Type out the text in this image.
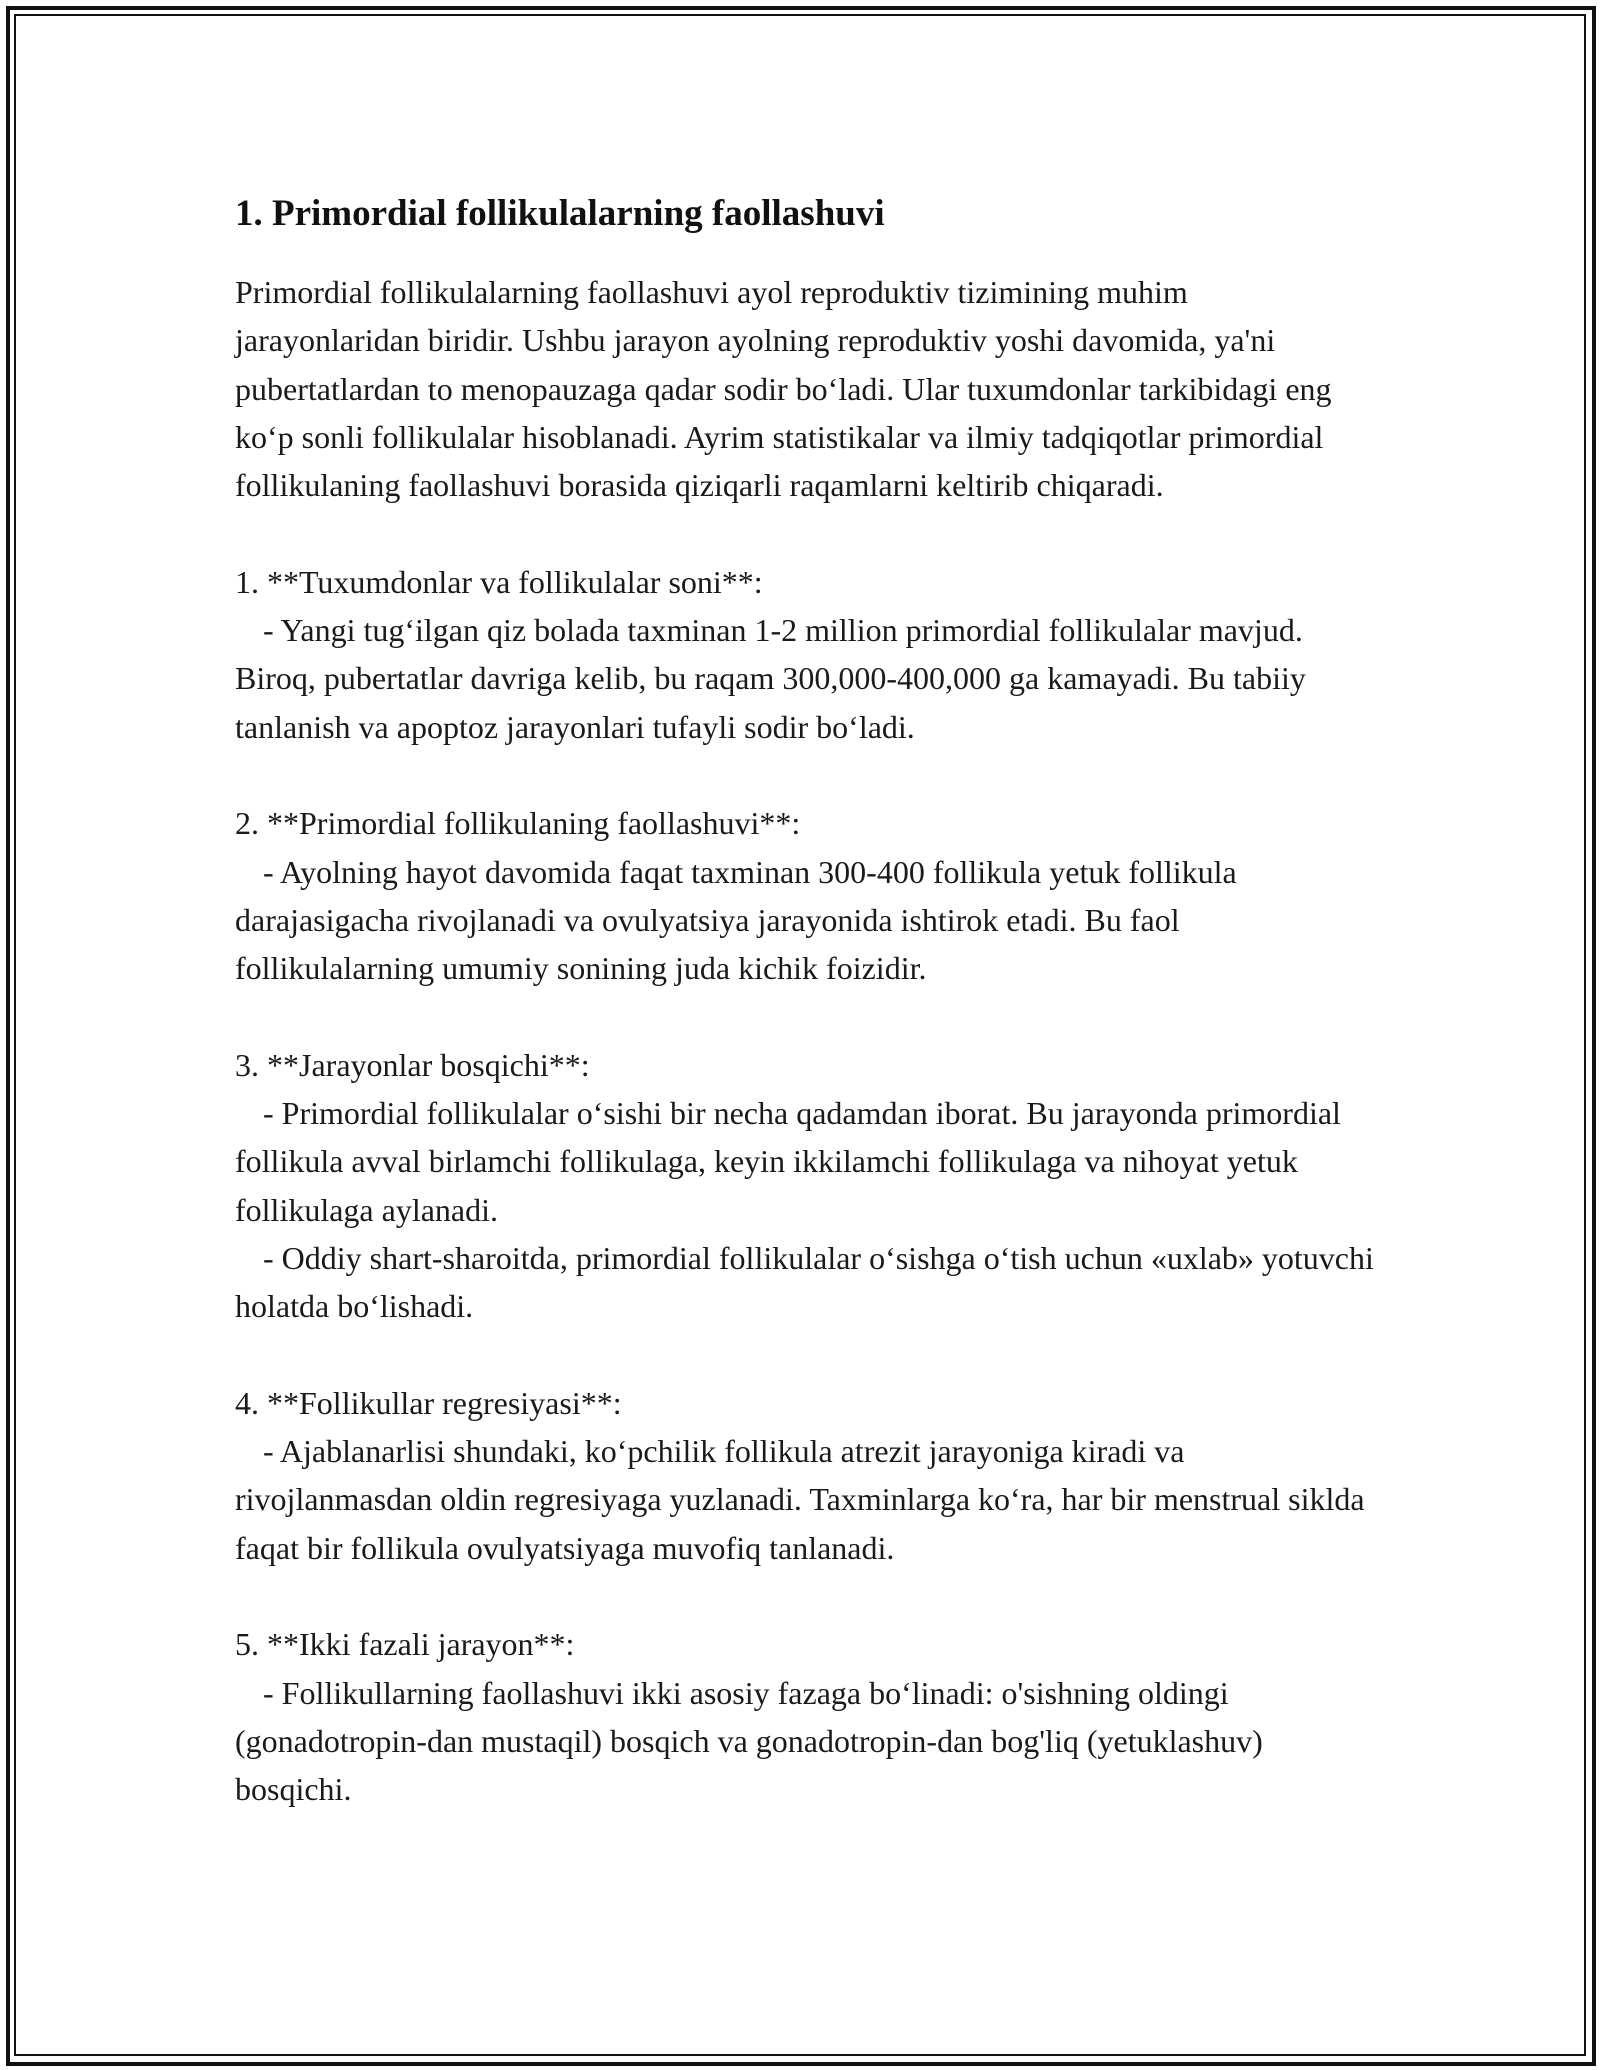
1. Primordial follikulalarning faollashuvi

Primordial follikulalarning faollashuvi ayol reproduktiv tizimining muhim jarayonlaridan biridir. Ushbu jarayon ayolning reproduktiv yoshi davomida, ya'ni pubertatlardan to menopauzaga qadar sodir bo‘ladi. Ular tuxumdonlar tarkibidagi eng ko‘p sonli follikulalar hisoblanadi. Ayrim statistikalar va ilmiy tadqiqotlar primordial follikulaning faollashuvi borasida qiziqarli raqamlarni keltirib chiqaradi.

1. **Tuxumdonlar va follikulalar soni**:

- Yangi tug‘ilgan qiz bolada taxminan 1-2 million primordial follikulalar mavjud. Biroq, pubertatlar davriga kelib, bu raqam 300,000-400,000 ga kamayadi. Bu tabiiy tanlanish va apoptoz jarayonlari tufayli sodir bo‘ladi.

2. **Primordial follikulaning faollashuvi**:

- Ayolning hayot davomida faqat taxminan 300-400 follikula yetuk follikula darajasigacha rivojlanadi va ovulyatsiya jarayonida ishtirok etadi. Bu faol follikulalarning umumiy sonining juda kichik foizidir.

3. **Jarayonlar bosqichi**:

- Primordial follikulalar o‘sishi bir necha qadamdan iborat. Bu jarayonda primordial follikula avval birlamchi follikulaga, keyin ikkilamchi follikulaga va nihoyat yetuk follikulaga aylanadi.

- Oddiy shart-sharoitda, primordial follikulalar o‘sishga o‘tish uchun «uxlab» yotuvchi holatda bo‘lishadi.

4. **Follikullar regresiyasi**:

- Ajablanarlisi shundaki, ko‘pchilik follikula atrezit jarayoniga kiradi va rivojlanmasdan oldin regresiyaga yuzlanadi. Taxminlarga ko‘ra, har bir menstrual siklda faqat bir follikula ovulyatsiyaga muvofiq tanlanadi.

5. **Ikki fazali jarayon**:

- Follikullarning faollashuvi ikki asosiy fazaga bo‘linadi: o'sishning oldingi (gonadotropin-dan mustaqil) bosqich va gonadotropin-dan bog'liq (yetuklashuv) bosqichi.
